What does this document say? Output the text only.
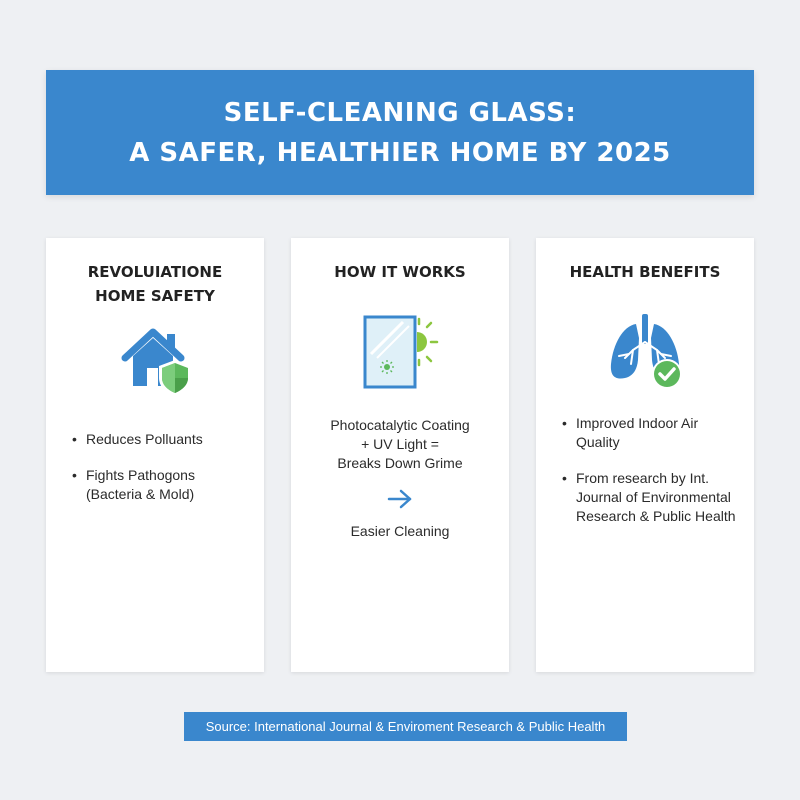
SELF-CLEANING GLASS:
A SAFER, HEALTHIER HOME BY 2025
REVOLUIATIONE
HOME SAFETY
• Reduces Polluants
• Fights Pathogons (Bacteria & Mold)
HOW IT WORKS
Photocatalytic Coating
+ UV Light =
Breaks Down Grime
Easier Cleaning
HEALTH BENEFITS
• Improved Indoor Air Quality
• From research by Int. Journal of Environmental Research & Public Health
Source: International Journal & Enviroment Research & Public Health
